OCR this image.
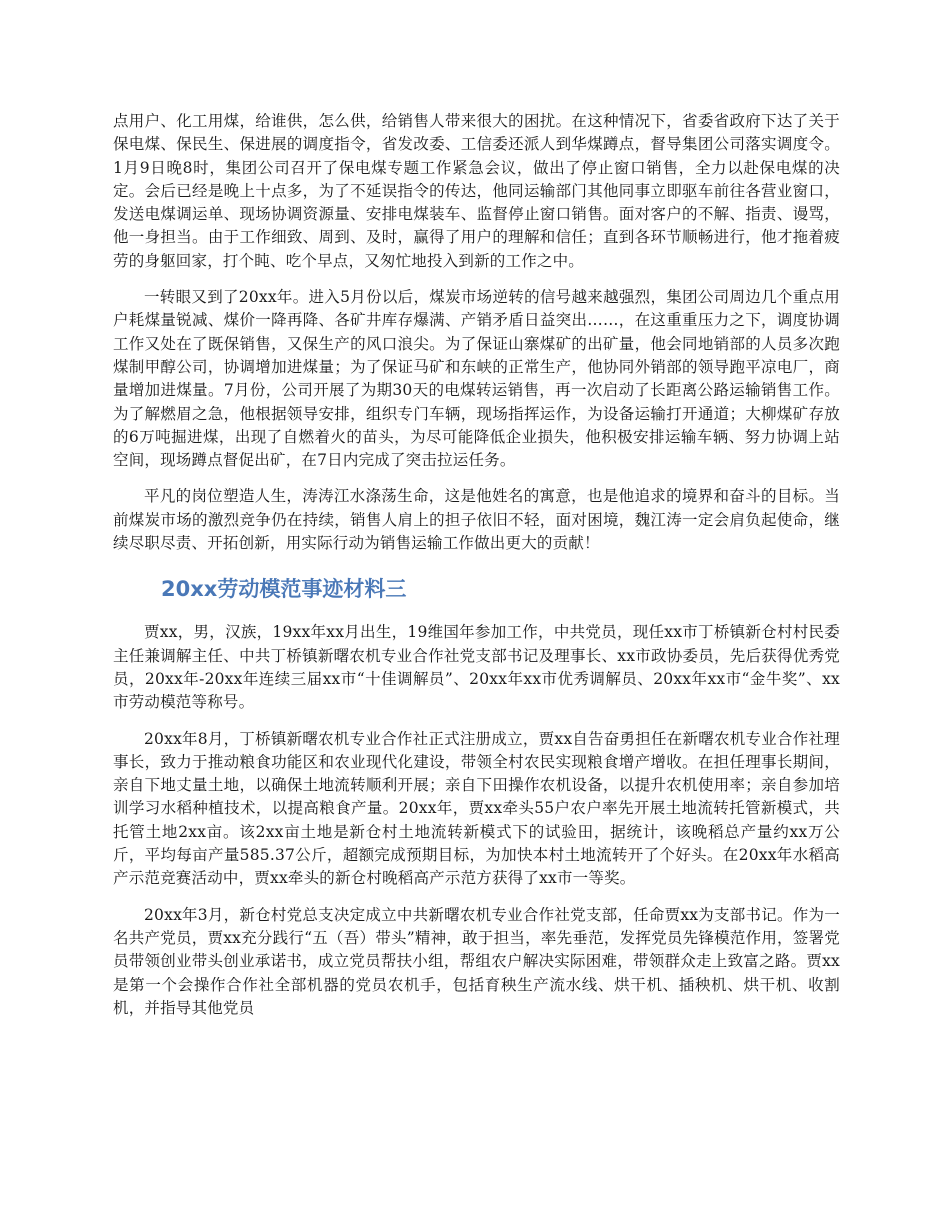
点用户、化工用煤，给谁供，怎么供，给销售人带来很大的困扰。在这种情况下，省委省政府下达了关于保电煤、保民生、保进展的调度指令，省发改委、工信委还派人到华煤蹲点，督导集团公司落实调度令。1月9日晚8时，集团公司召开了保电煤专题工作紧急会议，做出了停止窗口销售，全力以赴保电煤的决定。会后已经是晚上十点多，为了不延误指令的传达，他同运输部门其他同事立即驱车前往各营业窗口，发送电煤调运单、现场协调资源量、安排电煤装车、监督停止窗口销售。面对客户的不解、指责、谩骂，他一身担当。由于工作细致、周到、及时，赢得了用户的理解和信任；直到各环节顺畅进行，他才拖着疲劳的身躯回家，打个盹、吃个早点，又匆忙地投入到新的工作之中。

一转眼又到了20xx年。进入5月份以后，煤炭市场逆转的信号越来越强烈，集团公司周边几个重点用户耗煤量锐减、煤价一降再降、各矿井库存爆满、产销矛盾日益突出……，在这重重压力之下，调度协调工作又处在了既保销售，又保生产的风口浪尖。为了保证山寨煤矿的出矿量，他会同地销部的人员多次跑煤制甲醇公司，协调增加进煤量；为了保证马矿和东峡的正常生产，他协同外销部的领导跑平凉电厂，商量增加进煤量。7月份，公司开展了为期30天的电煤转运销售，再一次启动了长距离公路运输销售工作。为了解燃眉之急，他根据领导安排，组织专门车辆，现场指挥运作，为设备运输打开通道；大柳煤矿存放的6万吨掘进煤，出现了自燃着火的苗头，为尽可能降低企业损失，他积极安排运输车辆、努力协调上站空间，现场蹲点督促出矿，在7日内完成了突击拉运任务。

平凡的岗位塑造人生，涛涛江水涤荡生命，这是他姓名的寓意，也是他追求的境界和奋斗的目标。当前煤炭市场的激烈竞争仍在持续，销售人肩上的担子依旧不轻，面对困境，魏江涛一定会肩负起使命，继续尽职尽责、开拓创新，用实际行动为销售运输工作做出更大的贡献！

20xx劳动模范事迹材料三

贾xx，男，汉族，19xx年xx月出生，19维国年参加工作，中共党员，现任xx市丁桥镇新仓村村民委主任兼调解主任、中共丁桥镇新曙农机专业合作社党支部书记及理事长、xx市政协委员，先后获得优秀党员，20xx年-20xx年连续三届xx市“十佳调解员”、20xx年xx市优秀调解员、20xx年xx市“金牛奖”、xx市劳动模范等称号。

20xx年8月，丁桥镇新曙农机专业合作社正式注册成立，贾xx自告奋勇担任在新曙农机专业合作社理事长，致力于推动粮食功能区和农业现代化建设，带领全村农民实现粮食增产增收。在担任理事长期间，亲自下地丈量土地，以确保土地流转顺利开展；亲自下田操作农机设备，以提升农机使用率；亲自参加培训学习水稻种植技术，以提高粮食产量。20xx年，贾xx牵头55户农户率先开展土地流转托管新模式，共托管土地2xx亩。该2xx亩土地是新仓村土地流转新模式下的试验田，据统计，该晚稻总产量约xx万公斤，平均每亩产量585.37公斤，超额完成预期目标，为加快本村土地流转开了个好头。在20xx年水稻高产示范竞赛活动中，贾xx牵头的新仓村晚稻高产示范方获得了xx市一等奖。

20xx年3月，新仓村党总支决定成立中共新曙农机专业合作社党支部，任命贾xx为支部书记。作为一名共产党员，贾xx充分践行“五（吾）带头”精神，敢于担当，率先垂范，发挥党员先锋模范作用，签署党员带领创业带头创业承诺书，成立党员帮扶小组，帮组农户解决实际困难，带领群众走上致富之路。贾xx是第一个会操作合作社全部机器的党员农机手，包括育秧生产流水线、烘干机、插秧机、烘干机、收割机，并指导其他党员
